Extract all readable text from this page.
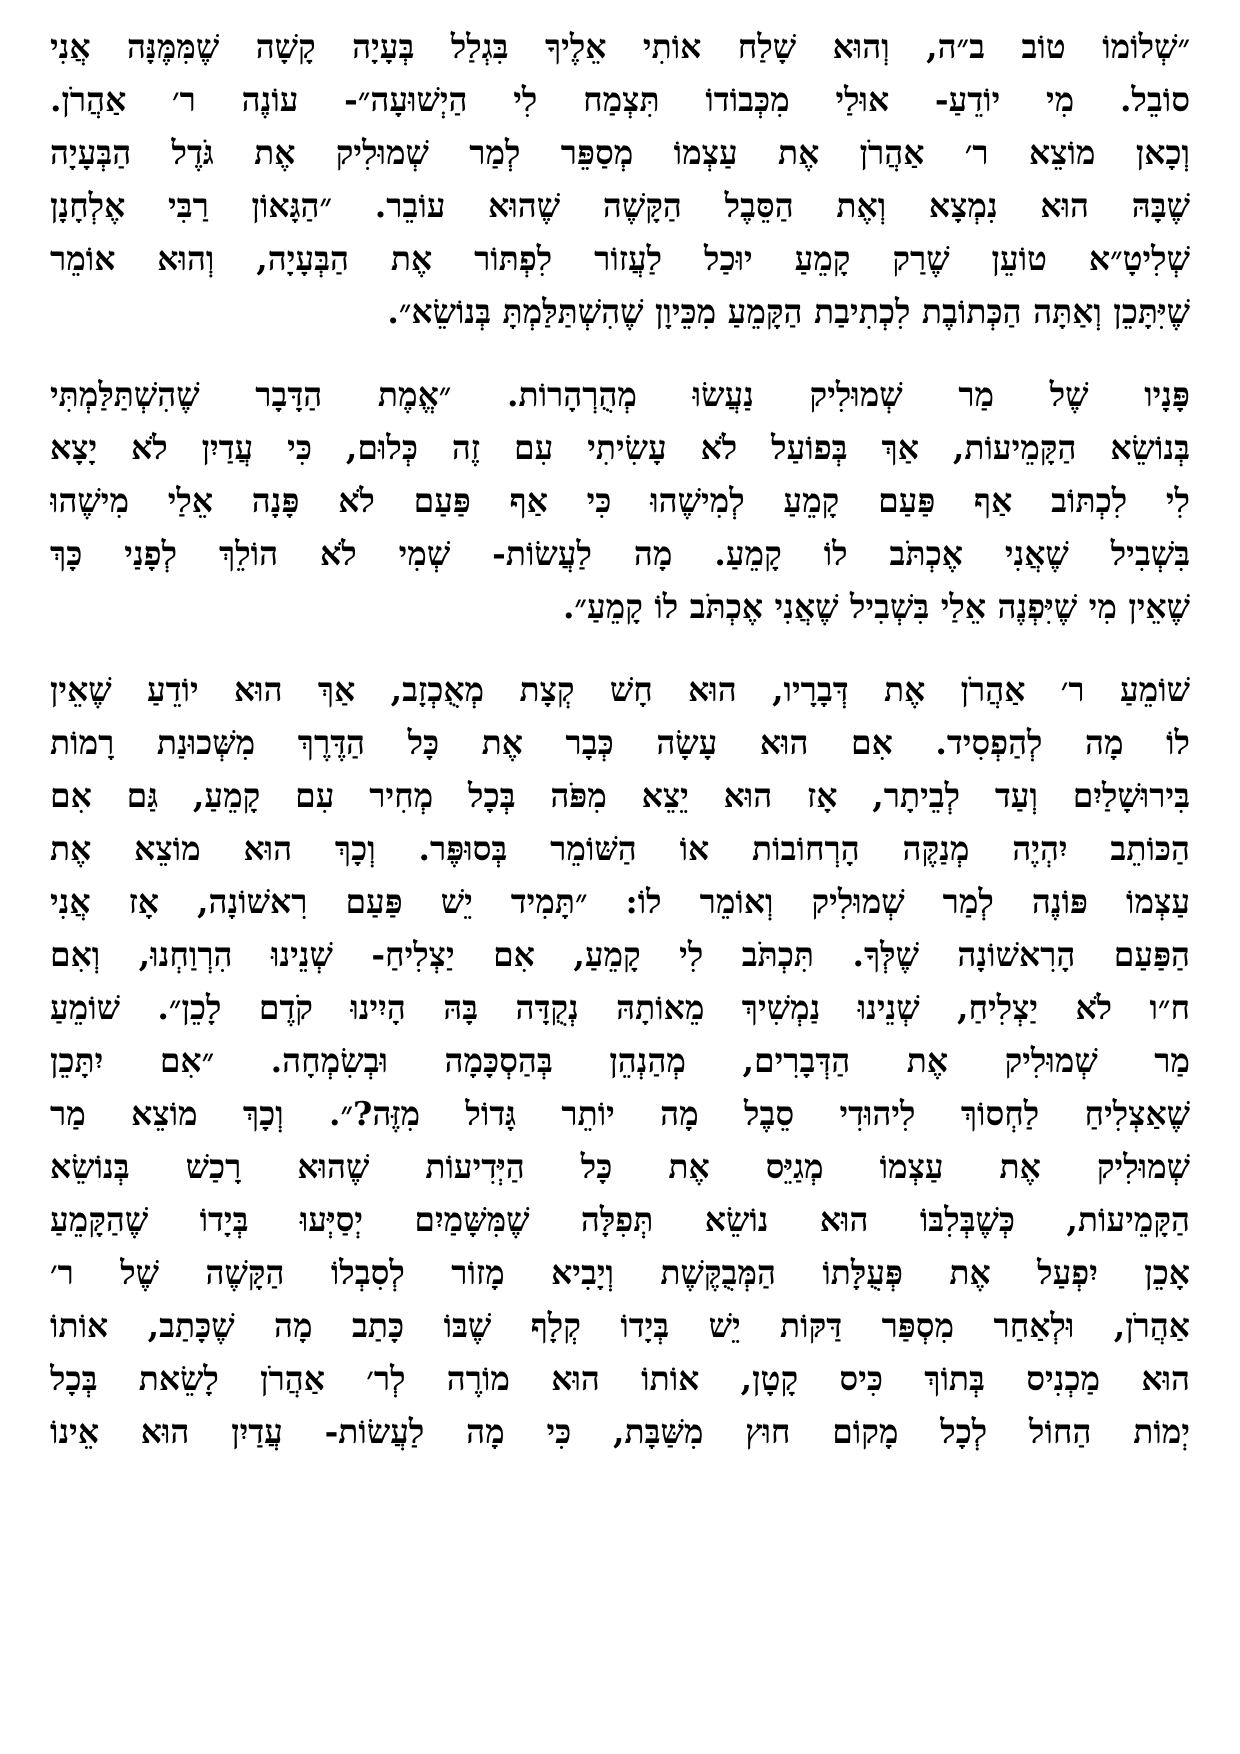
״שְׁלוֹמוֹ טוֹב ב״ה, וְהוּא שָׁלַח אוֹתִי אֵלֶיךָ בִּגְלַל בְּעָיָה קָשָׁה שֶׁמִּמֶּנָּה אֲנִי
סוֹבֵל. מִי יוֹדֵעַ- אוּלַי מִכְּבוֹדוֹ תִּצְמַח לִי הַיְשׁוּעָה״- עוֹנֶה ר׳ אַהֲרֹן.
וְכָאן מוֹצֵא ר׳ אַהֲרֹן אֶת עַצְמוֹ מְסַפֵּר לְמַר שְׁמוּלִיק אֶת גֹּדֶל הַבְּעָיָה
שֶׁבָּהּ הוּא נִמְצָא וְאֶת הַסֵּבֶל הַקָּשֶׁה שֶׁהוּא עוֹבֵר. ״הַגָּאוֹן רַבִּי אֶלְחָנָן
שְׁלִיטָ״א טוֹעֵן שֶׁרַק קָמֵעַ יוּכַל לַעֲזוֹר לִפְתּוֹר אֶת הַבְּעָיָה, וְהוּא אוֹמֵר
שֶׁיִּתָּכֵן וְאַתָּה הַכְּתוֹבֶת לִכְתִיבַת הַקָּמֵעַ מִכֵּיוָן שֶׁהִשְׁתַּלַּמְתָּ בְּנוֹשֵׂא״.
פָּנָיו שֶׁל מַר שְׁמוּלִיק נַעֲשׂוּ מְהֻרְהָרוֹת. ״אֱמֶת הַדָּבָר שֶׁהִשְׁתַּלַּמְתִּי
בְּנוֹשֵׂא הַקָּמֵיעוֹת, אַךְ בְּפוֹעַל לֹא עָשִׂיתִי עִם זֶה כְּלוּם, כִּי עֲדַיִן לֹא יָצָא
לִי לִכְתּוֹב אַף פַּעַם קָמֵעַ לְמִישֶׁהוּ כִּי אַף פַּעַם לֹא פָּנָה אֵלַי מִישֶׁהוּ
בִּשְׁבִיל שֶׁאֲנִי אֶכְתֹּב לוֹ קָמֵעַ. מָה לַעֲשׂוֹת- שְׁמִי לֹא הוֹלֵךְ לְפָנַי כָּךְ
שֶׁאֵין מִי שֶׁיִּפְנֶה אֵלַי בִּשְׁבִיל שֶׁאֲנִי אֶכְתֹּב לוֹ קָמֵעַ״.
שׁוֹמֵעַ ר׳ אַהֲרֹן אֶת דְּבָרָיו, הוּא חָשׁ קְצָת מְאֻכְזָב, אַךְ הוּא יוֹדֵעַ שֶׁאֵין
לוֹ מָה לְהַפְסִיד. אִם הוּא עָשָׂה כְּבָר אֶת כָּל הַדֶּרֶךְ מִשְּׁכוּנַת רָמוֹת
בִּירוּשָׁלַיִם וְעַד לְבֵיתָר, אָז הוּא יֵצֵא מִפֹּה בְּכָל מְחִיר עִם קָמֵעַ, גַּם אִם
הַכּוֹתֵב יִהְיֶה מְנַקֶּה הָרְחוֹבוֹת אוֹ הַשּׁוֹמֵר בְּסוּפֶּר. וְכָךְ הוּא מוֹצֵא אֶת
עַצְמוֹ פּוֹנֶה לְמַר שְׁמוּלִיק וְאוֹמֵר לוֹ: ״תָּמִיד יֵשׁ פַּעַם רִאשׁוֹנָה, אָז אֲנִי
הַפַּעַם הָרִאשׁוֹנָה שֶׁלְּךָ. תִּכְתֹּב לִי קָמֵעַ, אִם יַצְלִיחַ- שְׁנֵינוּ הִרְוַחְנוּ, וְאִם
ח״ו לֹא יַצְלִיחַ, שְׁנֵינוּ נַמְשִׁיךְ מֵאוֹתָהּ נְקֻדָּה בָּהּ הָיִינוּ קֹדֶם לָכֵן״. שׁוֹמֵעַ
מַר שְׁמוּלִיק אֶת הַדְּבָרִים, מְהַנְהֵן בְּהַסְכָּמָה וּבְשִׂמְחָה. ״אִם יִתָּכֵן
שֶׁאַצְלִיחַ לַחְסוֹךְ לִיהוּדִי סֵבֶל מָה יוֹתֵר גָּדוֹל מִזֶּה?״. וְכָךְ מוֹצֵא מַר
שְׁמוּלִיק אֶת עַצְמוֹ מְגַיֵּס אֶת כָּל הַיְּדִיעוֹת שֶׁהוּא רָכַשׁ בְּנוֹשֵׂא
הַקָּמֵיעוֹת, כְּשֶׁבְּלִבּוֹ הוּא נוֹשֵׂא תְּפִלָּה שֶׁמִּשָּׁמַיִם יְסַיְּעוּ בְּיָדוֹ שֶׁהַקָּמֵעַ
אָכֵן יִפְעַל אֶת פְּעֻלָּתוֹ הַמְּבֻקֶּשֶׁת וְיָבִיא מָזוֹר לְסִבְלוֹ הַקָּשֶׁה שֶׁל ר׳
אַהֲרֹן, וּלְאַחַר מִסְפַּר דַּקּוֹת יֵשׁ בְּיָדוֹ קְלָף שֶׁבּוֹ כָּתַב מָה שֶׁכָּתַב, אוֹתוֹ
הוּא מַכְנִיס בְּתוֹךְ כִּיס קָטָן, אוֹתוֹ הוּא מוֹרֶה לְר׳ אַהֲרֹן לָשֵׂאת בְּכָל
יְמוֹת הַחוֹל לְכָל מָקוֹם חוּץ מִשַּׁבָּת, כִּי מָה לַעֲשׂוֹת- עֲדַיִן הוּא אֵינוֹ
